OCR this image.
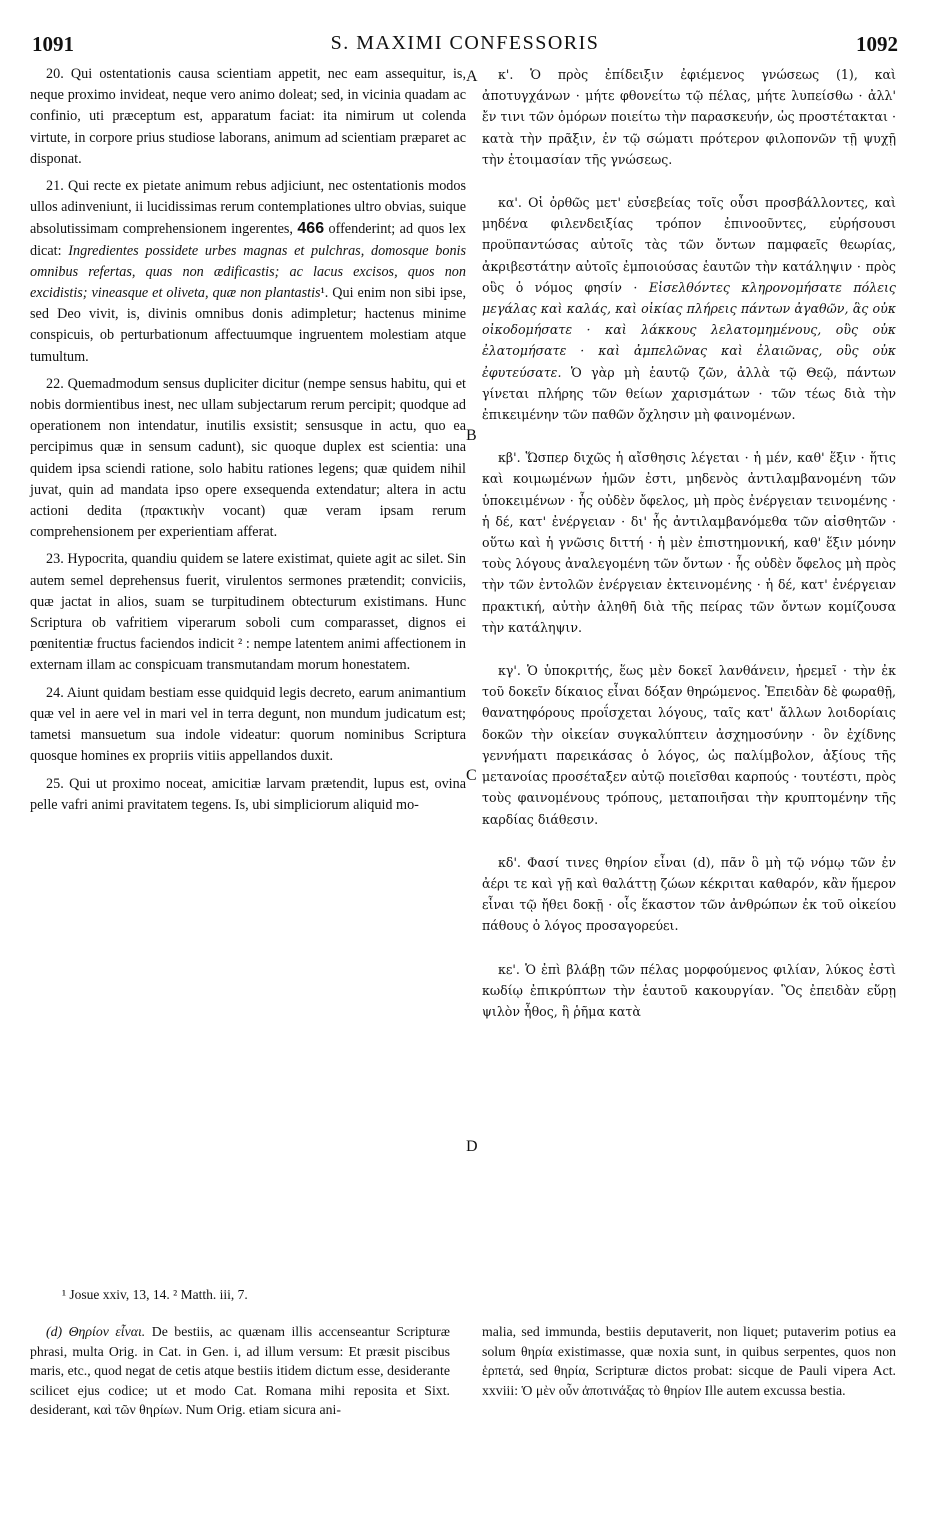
1091	S. MAXIMI CONFESSORIS	1092

20. Qui ostentationis causa scientiam appetit, nec eam assequitur, is, neque proximo invideat, neque vero animo doleat; sed, in vicinia quadam ac confinio, uti præceptum est, apparatum faciat: ita nimirum ut colenda virtute, in corpore prius studiose laborans, animum ad scientiam præparet ac disponat.

21. Qui recte ex pietate animum rebus adjiciunt, nec ostentationis modos ullos adinveniunt, ii lucidissimas rerum contemplationes ultro obvias, suique absolutissimam comprehensionem ingerentes, 466 offenderint; ad quos lex dicat: Ingredientes possidete urbes magnas et pulchras, domosque bonis omnibus refertas, quas non ædificastis; ac lacus excisos, quos non excidistis; vineasque et oliveta, quæ non plantastis¹. Qui enim non sibi ipse, sed Deo vivit, is, divinis omnibus donis adimpletur; hactenus minime conspicuis, ob perturbationum affectuumque ingruentem molestiam atque tumultum.

22. Quemadmodum sensus dupliciter dicitur (nempe sensus habitu, qui et nobis dormientibus inest, nec ullam subjectarum rerum percipit; quodque ad operationem non intendatur, inutilis exsistit; sensusque in actu, quo ea percipimus quæ in sensum cadunt), sic quoque duplex est scientia: una quidem ipsa sciendi ratione, solo habitu rationes legens; quæ quidem nihil juvat, quin ad mandata ipso opere exsequenda extendatur; altera in actu actioni dedita (πρακτικὴν vocant) quæ veram ipsam rerum comprehensionem per experientiam afferat.

23. Hypocrita, quandiu quidem se latere existimat, quiete agit ac silet. Sin autem semel deprehensus fuerit, virulentos sermones prætendit; conviciis, quæ jactat in alios, suam se turpitudinem obtecturum existimans. Hunc Scriptura ob vafritiem viperarum soboli cum comparasset, dignos ei pœnitentiæ fructus faciendos indicit ² : nempe latentem animi affectionem in externam illam ac conspicuam transmutandam morum honestatem.

24. Aiunt quidam bestiam esse quidquid legis decreto, earum animantium quæ vel in aere vel in mari vel in terra degunt, non mundum judicatum est; tametsi mansuetum sua indole videatur: quorum nominibus Scriptura quosque homines ex propriis vitiis appellandos duxit.

25. Qui ut proximo noceat, amicitiæ larvam prætendit, lupus est, ovina pelle vafri animi pravitatem tegens. Is, ubi simpliciorum aliquid mo-

A
B
C
D

κ'. Ὁ πρὸς ἐπίδειξιν ἐφιέμενος γνώσεως (1), καὶ ἀποτυγχάνων · μήτε φθονείτω τῷ πέλας, μήτε λυπείσθω · ἀλλ' ἔν τινι τῶν ὁμόρων ποιείτω τὴν παρασκευήν, ὡς προστέτακται · κατὰ τὴν πρᾶξιν, ἐν τῷ σώματι πρότερον φιλοπονῶν τῇ ψυχῇ τὴν ἑτοιμασίαν τῆς γνώσεως.

κα'. Οἱ ὀρθῶς μετ' εὐσεβείας τοῖς οὖσι προσβάλλοντες, καὶ μηδένα φιλενδειξίας τρόπον ἐπινοοῦντες, εὑρήσουσι προϋπαντώσας αὐτοῖς τὰς τῶν ὄντων παμφαεῖς θεωρίας, ἀκριβεστάτην αὐτοῖς ἐμποιούσας ἑαυτῶν τὴν κατάληψιν · πρὸς οὓς ὁ νόμος φησίν · Εἰσελθόντες κληρονομήσατε πόλεις μεγάλας καὶ καλάς, καὶ οἰκίας πλήρεις πάντων ἀγαθῶν, ἃς οὐκ οἰκοδομήσατε · καὶ λάκκους λελατομημένους, οὓς οὐκ ἐλατομήσατε · καὶ ἀμπελῶνας καὶ ἐλαιῶνας, οὓς οὐκ ἐφυτεύσατε. Ὁ γὰρ μὴ ἑαυτῷ ζῶν, ἀλλὰ τῷ Θεῷ, πάντων γίνεται πλήρης τῶν θείων χαρισμάτων · τῶν τέως διὰ τὴν ἐπικειμένην τῶν παθῶν ὄχλησιν μὴ φαινομένων.

κβ'. Ὥσπερ διχῶς ἡ αἴσθησις λέγεται · ἡ μέν, καθ' ἕξιν · ἥτις καὶ κοιμωμένων ἡμῶν ἐστι, μηδενὸς ἀντιλαμβανομένη τῶν ὑποκειμένων · ἧς οὐδὲν ὄφελος, μὴ πρὸς ἐνέργειαν τεινομένης · ἡ δέ, κατ' ἐνέργειαν · δι' ἧς ἀντιλαμβανόμεθα τῶν αἰσθητῶν · οὕτω καὶ ἡ γνῶσις διττή · ἡ μὲν ἐπιστημονική, καθ' ἕξιν μόνην τοὺς λόγους ἀναλεγομένη τῶν ὄντων · ἧς οὐδὲν ὄφελος μὴ πρὸς τὴν τῶν ἐντολῶν ἐνέργειαν ἐκτεινομένης · ἡ δέ, κατ' ἐνέργειαν πρακτική, αὐτὴν ἀληθῆ διὰ τῆς πείρας τῶν ὄντων κομίζουσα τὴν κατάληψιν.

κγ'. Ὁ ὑποκριτής, ἕως μὲν δοκεῖ λανθάνειν, ἠρεμεῖ · τὴν ἐκ τοῦ δοκεῖν δίκαιος εἶναι δόξαν θηρώμενος. Ἐπειδὰν δὲ φωραθῇ, θανατηφόρους προΐσχεται λόγους, ταῖς κατ' ἄλλων λοιδορίαις δοκῶν τὴν οἰκείαν συγκαλύπτειν ἀσχημοσύνην · ὃν ἐχίδνης γεννήματι παρεικάσας ὁ λόγος, ὡς παλίμβολον, ἀξίους τῆς μετανοίας προσέταξεν αὐτῷ ποιεῖσθαι καρπούς · τουτέστι, πρὸς τοὺς φαινομένους τρόπους, μεταποιῆσαι τὴν κρυπτομένην τῆς καρδίας διάθεσιν.

κδ'. Φασί τινες θηρίον εἶναι (d), πᾶν ὃ μὴ τῷ νόμῳ τῶν ἐν ἀέρι τε καὶ γῇ καὶ θαλάττῃ ζώων κέκριται καθαρόν, κἂν ἥμερον εἶναι τῷ ἤθει δοκῇ · οἷς ἕκαστον τῶν ἀνθρώπων ἐκ τοῦ οἰκείου πάθους ὁ λόγος προσαγορεύει.

κε'. Ὁ ἐπὶ βλάβῃ τῶν πέλας μορφούμενος φιλίαν, λύκος ἐστὶ κωδίῳ ἐπικρύπτων τὴν ἑαυτοῦ κακουργίαν. Ὃς ἐπειδὰν εὕρῃ ψιλὸν ἦθος, ἢ ῥῆμα κατὰ

¹ Josue xxiv, 13, 14. ² Matth. iii, 7.

(d) Θηρίον εἶναι. De bestiis, ac quænam illis accenseantur Scripturæ phrasi, multa Orig. in Cat. in Gen. i, ad illum versum: Et præsit piscibus maris, etc., quod negat de cetis atque bestiis itidem dictum esse, desiderante scilicet ejus codice; ut et modo Cat. Romana mihi reposita et Sixt. desiderant, καὶ τῶν θηρίων. Num Orig. etiam sicura ani-

malia, sed immunda, bestiis deputaverit, non liquet; putaverim potius ea solum θηρία existimasse, quæ noxia sunt, in quibus serpentes, quos non ἑρπετά, sed θηρία, Scripturæ dictos probat: sicque de Pauli vipera Act. xxviii: Ὁ μὲν οὖν ἀποτινάξας τὸ θηρίον Ille autem excussa bestia.
